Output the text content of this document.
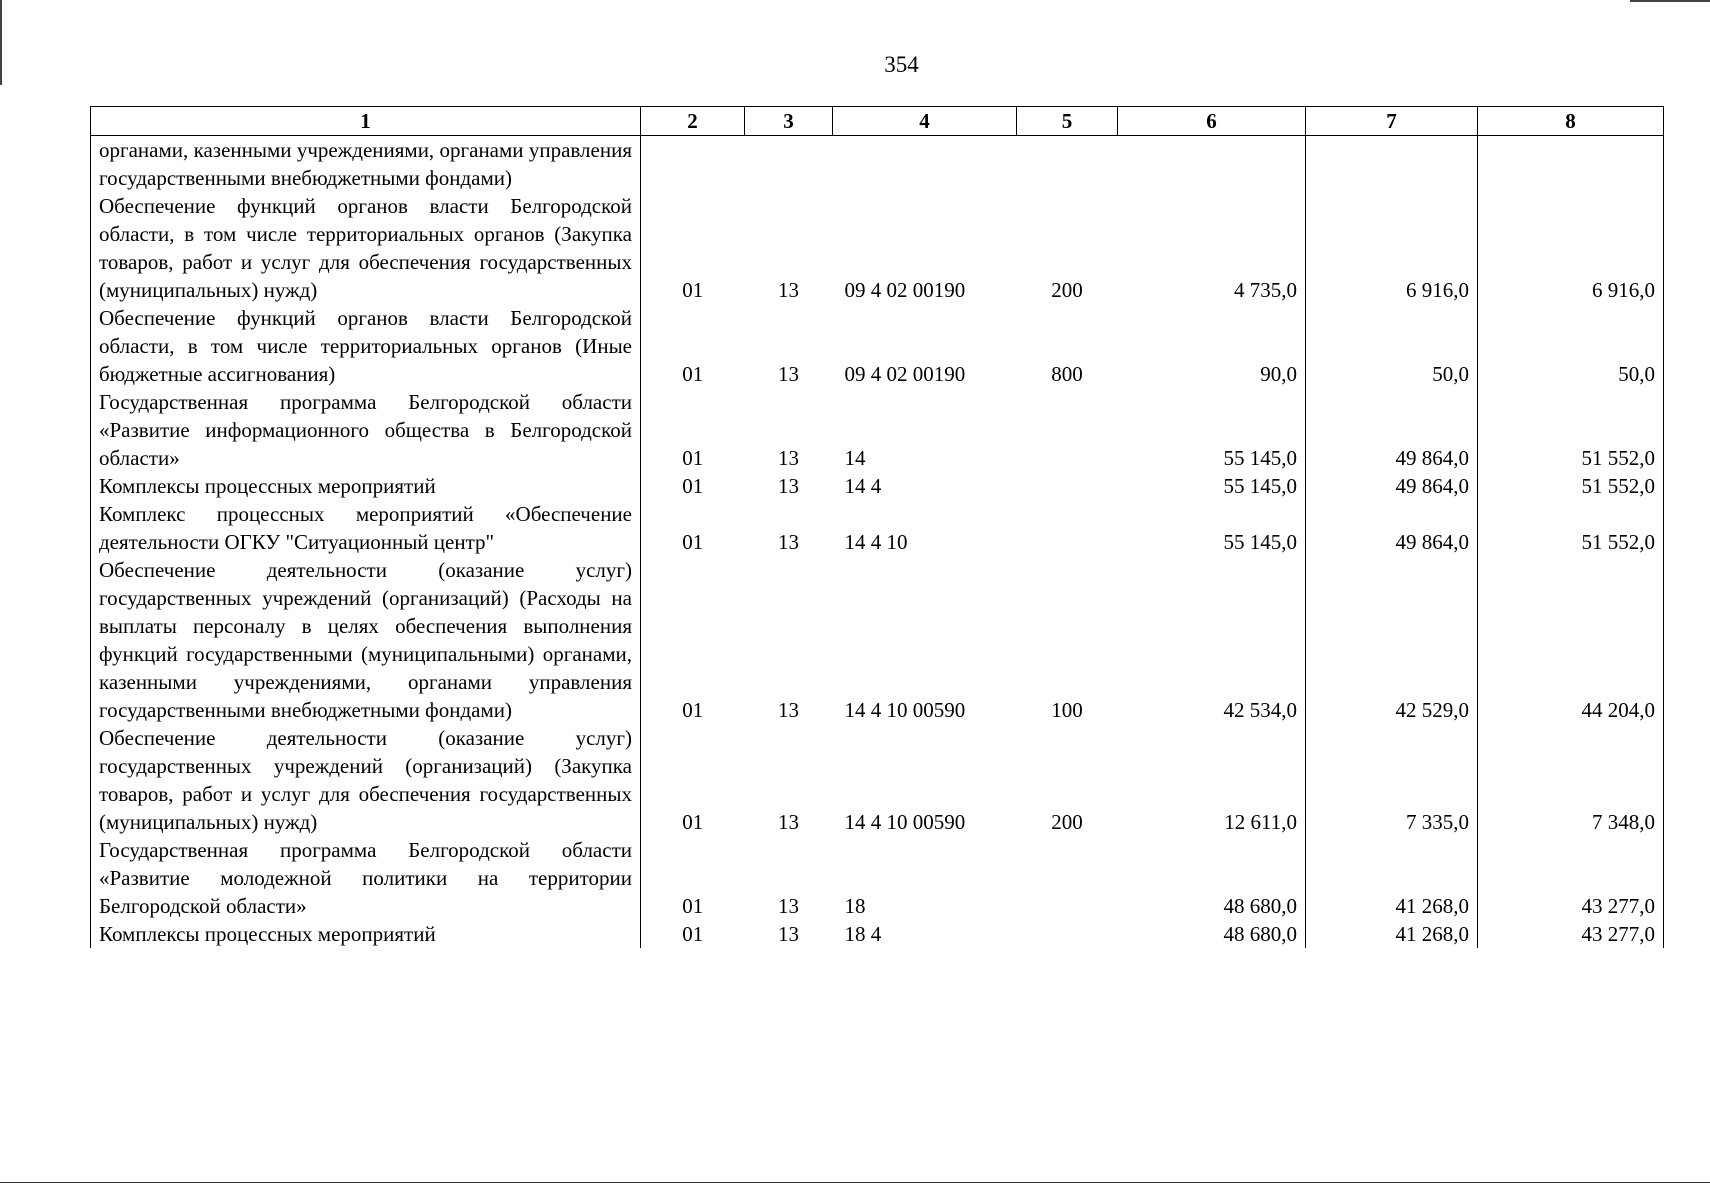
354
1	2	3	4	5	6	7	8
органами, казенными учреждениями, органами управления государственными внебюджетными фондами)							
Обеспечение функций органов власти Белгородской области, в том числе территориальных органов (Закупка товаров, работ и услуг для обеспечения государственных (муниципальных) нужд)	01	13	09 4 02 00190	200	4 735,0	6 916,0	6 916,0
Обеспечение функций органов власти Белгородской области, в том числе территориальных органов (Иные бюджетные ассигнования)	01	13	09 4 02 00190	800	90,0	50,0	50,0
Государственная программа Белгородской области «Развитие информационного общества в Белгородской области»	01	13	14		55 145,0	49 864,0	51 552,0
Комплексы процессных мероприятий	01	13	14 4		55 145,0	49 864,0	51 552,0
Комплекс процессных мероприятий «Обеспечение деятельности ОГКУ "Ситуационный центр"	01	13	14 4 10		55 145,0	49 864,0	51 552,0
Обеспечение деятельности (оказание услуг) государственных учреждений (организаций) (Расходы на выплаты персоналу в целях обеспечения выполнения функций государственными (муниципальными) органами, казенными учреждениями, органами управления государственными внебюджетными фондами)	01	13	14 4 10 00590	100	42 534,0	42 529,0	44 204,0
Обеспечение деятельности (оказание услуг) государственных учреждений (организаций) (Закупка товаров, работ и услуг для обеспечения государственных (муниципальных) нужд)	01	13	14 4 10 00590	200	12 611,0	7 335,0	7 348,0
Государственная программа Белгородской области «Развитие молодежной политики на территории Белгородской области»	01	13	18		48 680,0	41 268,0	43 277,0
Комплексы процессных мероприятий	01	13	18 4		48 680,0	41 268,0	43 277,0
